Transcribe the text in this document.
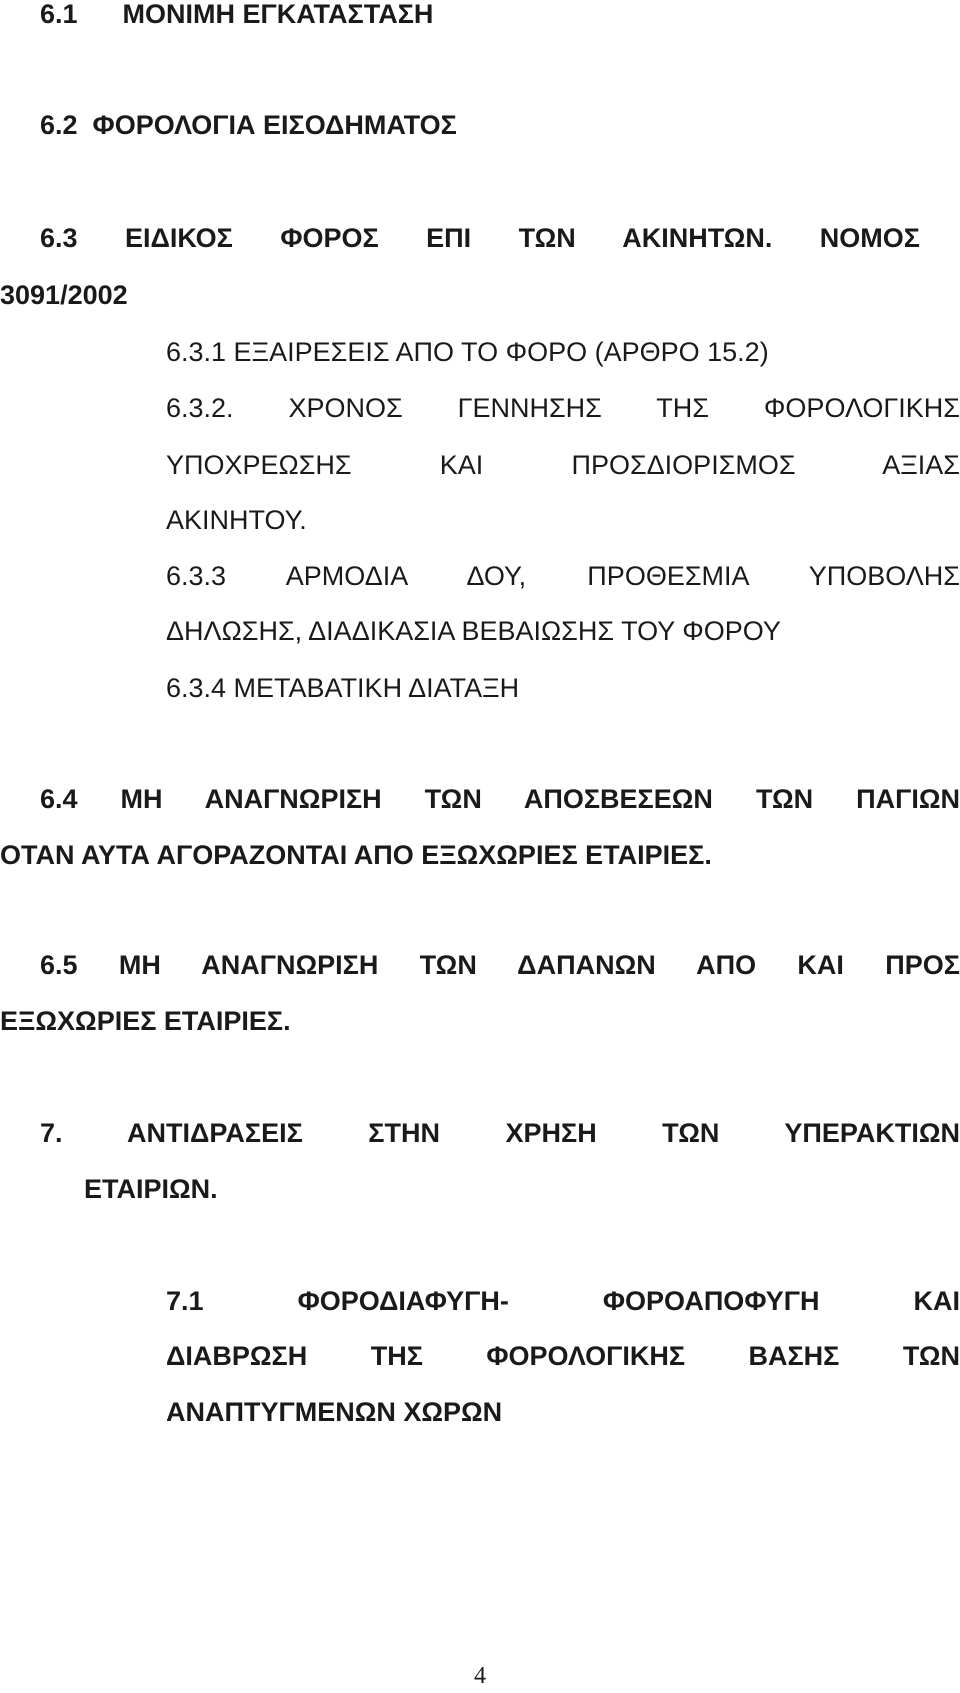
6.1      ΜΟΝΙΜΗ ΕΓΚΑΤΑΣΤΑΣΗ
6.2  ΦΟΡΟΛΟΓΙΑ ΕΙΣΟΔΗΜΑΤΟΣ
6.3 ΕΙΔΙΚΟΣ ΦΟΡΟΣ ΕΠΙ ΤΩΝ ΑΚΙΝΗΤΩΝ. ΝΟΜΟΣ
3091/2002
6.3.1 ΕΞΑΙΡΕΣΕΙΣ ΑΠΟ ΤΟ ΦΟΡΟ (ΑΡΘΡΟ 15.2)
6.3.2. ΧΡΟΝΟΣ ΓΕΝΝΗΣΗΣ ΤΗΣ ΦΟΡΟΛΟΓΙΚΗΣ
ΥΠΟΧΡΕΩΣΗΣ ΚΑΙ ΠΡΟΣΔΙΟΡΙΣΜΟΣ ΑΞΙΑΣ
ΑΚΙΝΗΤΟΥ.
6.3.3 ΑΡΜΟΔΙΑ ΔΟΥ, ΠΡΟΘΕΣΜΙΑ ΥΠΟΒΟΛΗΣ
ΔΗΛΩΣΗΣ, ΔΙΑΔΙΚΑΣΙΑ ΒΕΒΑΙΩΣΗΣ ΤΟΥ ΦΟΡΟΥ
6.3.4 ΜΕΤΑΒΑΤΙΚΗ ΔΙΑΤΑΞΗ
6.4 ΜΗ ΑΝΑΓΝΩΡΙΣΗ ΤΩΝ ΑΠΟΣΒΕΣΕΩΝ ΤΩΝ ΠΑΓΙΩΝ
ΟΤΑΝ ΑΥΤΑ ΑΓΟΡΑΖΟΝΤΑΙ ΑΠΟ ΕΞΩΧΩΡΙΕΣ ΕΤΑΙΡΙΕΣ.
6.5 ΜΗ ΑΝΑΓΝΩΡΙΣΗ ΤΩΝ ΔΑΠΑΝΩΝ ΑΠΟ ΚΑΙ ΠΡΟΣ
ΕΞΩΧΩΡΙΕΣ ΕΤΑΙΡΙΕΣ.
7. ΑΝΤΙΔΡΑΣΕΙΣ ΣΤΗΝ ΧΡΗΣΗ ΤΩΝ ΥΠΕΡΑΚΤΙΩΝ
ΕΤΑΙΡΙΩΝ.
7.1 ΦΟΡΟΔΙΑΦΥΓΗ- ΦΟΡΟΑΠΟΦΥΓΗ ΚΑΙ
ΔΙΑΒΡΩΣΗ ΤΗΣ ΦΟΡΟΛΟΓΙΚΗΣ ΒΑΣΗΣ ΤΩΝ
ΑΝΑΠΤΥΓΜΕΝΩΝ ΧΩΡΩΝ
4
